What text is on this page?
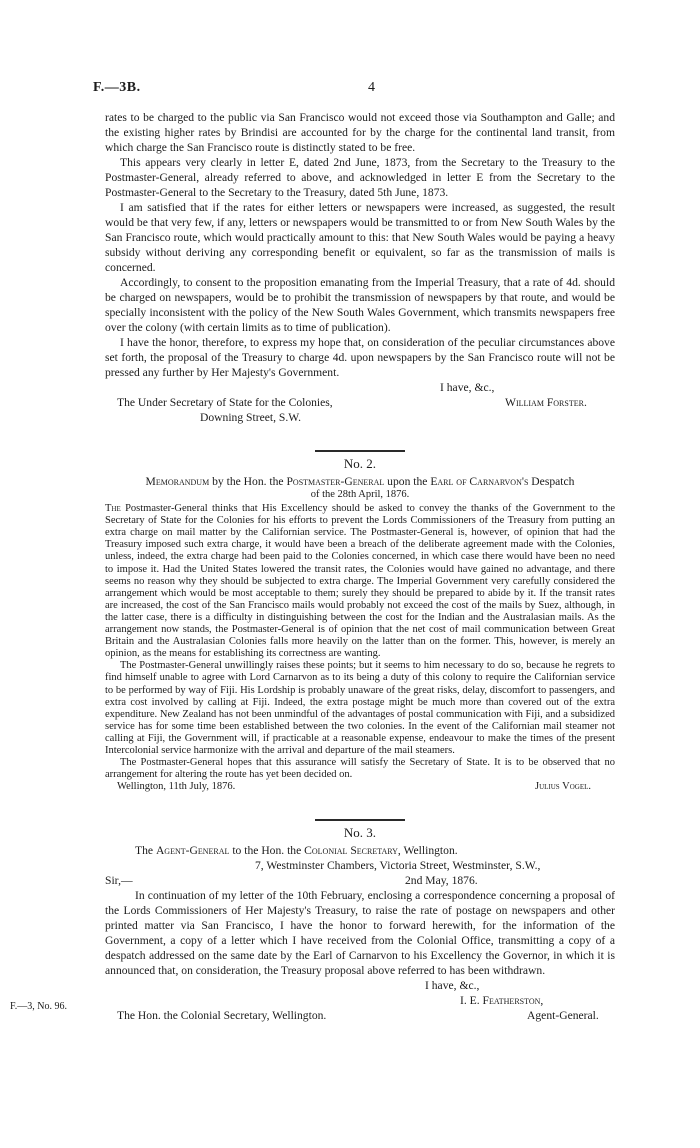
F.—3B.	4

rates to be charged to the public via San Francisco would not exceed those via Southampton and Galle; and the existing higher rates by Brindisi are accounted for by the charge for the continental land transit, from which charge the San Francisco route is distinctly stated to be free.

This appears very clearly in letter E, dated 2nd June, 1873, from the Secretary to the Treasury to the Postmaster-General, already referred to above, and acknowledged in letter E from the Secretary to the Postmaster-General to the Secretary to the Treasury, dated 5th June, 1873.

I am satisfied that if the rates for either letters or newspapers were increased, as suggested, the result would be that very few, if any, letters or newspapers would be transmitted to or from New South Wales by the San Francisco route, which would practically amount to this: that New South Wales would be paying a heavy subsidy without deriving any corresponding benefit or equivalent, so far as the transmission of mails is concerned.

Accordingly, to consent to the proposition emanating from the Imperial Treasury, that a rate of 4d. should be charged on newspapers, would be to prohibit the transmission of newspapers by that route, and would be specially inconsistent with the policy of the New South Wales Government, which transmits newspapers free over the colony (with certain limits as to time of publication).

I have the honor, therefore, to express my hope that, on consideration of the peculiar circumstances above set forth, the proposal of the Treasury to charge 4d. upon newspapers by the San Francisco route will not be pressed any further by Her Majesty's Government.

I have, &c.,
The Under Secretary of State for the Colonies,	William Forster.
Downing Street, S.W.
No. 2.

Memorandum by the Hon. the Postmaster-General upon the Earl of Carnarvon's Despatch

of the 28th April, 1876.

The Postmaster-General thinks that His Excellency should be asked to convey the thanks of the Government to the Secretary of State for the Colonies for his efforts to prevent the Lords Commissioners of the Treasury from putting an extra charge on mail matter by the Californian service. The Postmaster-General is, however, of opinion that had the Treasury imposed such extra charge, it would have been a breach of the deliberate agreement made with the Colonies, unless, indeed, the extra charge had been paid to the Colonies concerned, in which case there would have been no need to impose it. Had the United States lowered the transit rates, the Colonies would have gained no advantage, and there seems no reason why they should be subjected to extra charge. The Imperial Government very carefully considered the arrangement which would be most acceptable to them; surely they should be prepared to abide by it. If the transit rates are increased, the cost of the San Francisco mails would probably not exceed the cost of the mails by Suez, although, in the latter case, there is a difficulty in distinguishing between the cost for the Indian and the Australasian mails. As the arrangement now stands, the Postmaster-General is of opinion that the net cost of mail communication between Great Britain and the Australasian Colonies falls more heavily on the latter than on the former. This, however, is merely an opinion, as the means for establishing its correctness are wanting.

The Postmaster-General unwillingly raises these points; but it seems to him necessary to do so, because he regrets to find himself unable to agree with Lord Carnarvon as to its being a duty of this colony to require the Californian service to be performed by way of Fiji. His Lordship is probably unaware of the great risks, delay, discomfort to passengers, and extra cost involved by calling at Fiji. Indeed, the extra postage might be much more than covered out of the extra expenditure. New Zealand has not been unmindful of the advantages of postal communication with Fiji, and a subsidized service has for some time been established between the two colonies. In the event of the Californian mail steamer not calling at Fiji, the Government will, if practicable at a reasonable expense, endeavour to make the times of the present Intercolonial service harmonize with the arrival and departure of the mail steamers.

The Postmaster-General hopes that this assurance will satisfy the Secretary of State. It is to be observed that no arrangement for altering the route has yet been decided on.

Wellington, 11th July, 1876.	Julius Vogel.
No. 3.
The Agent-General to the Hon. the Colonial Secretary, Wellington.
7, Westminster Chambers, Victoria Street, Westminster, S.W.,
Sir,—	2nd May, 1876.

In continuation of my letter of the 10th February, enclosing a correspondence concerning a proposal of the Lords Commissioners of Her Majesty's Treasury, to raise the rate of postage on newspapers and other printed matter via San Francisco, I have the honor to forward herewith, for the information of the Government, a copy of a letter which I have received from the Colonial Office, transmitting a copy of a despatch addressed on the same date by the Earl of Carnarvon to his Excellency the Governor, in which it is announced that, on consideration, the Treasury proposal above referred to has been withdrawn.

I have, &c.,
I. E. Featherston,
The Hon. the Colonial Secretary, Wellington.	Agent-General.
F.—3, No. 96.
